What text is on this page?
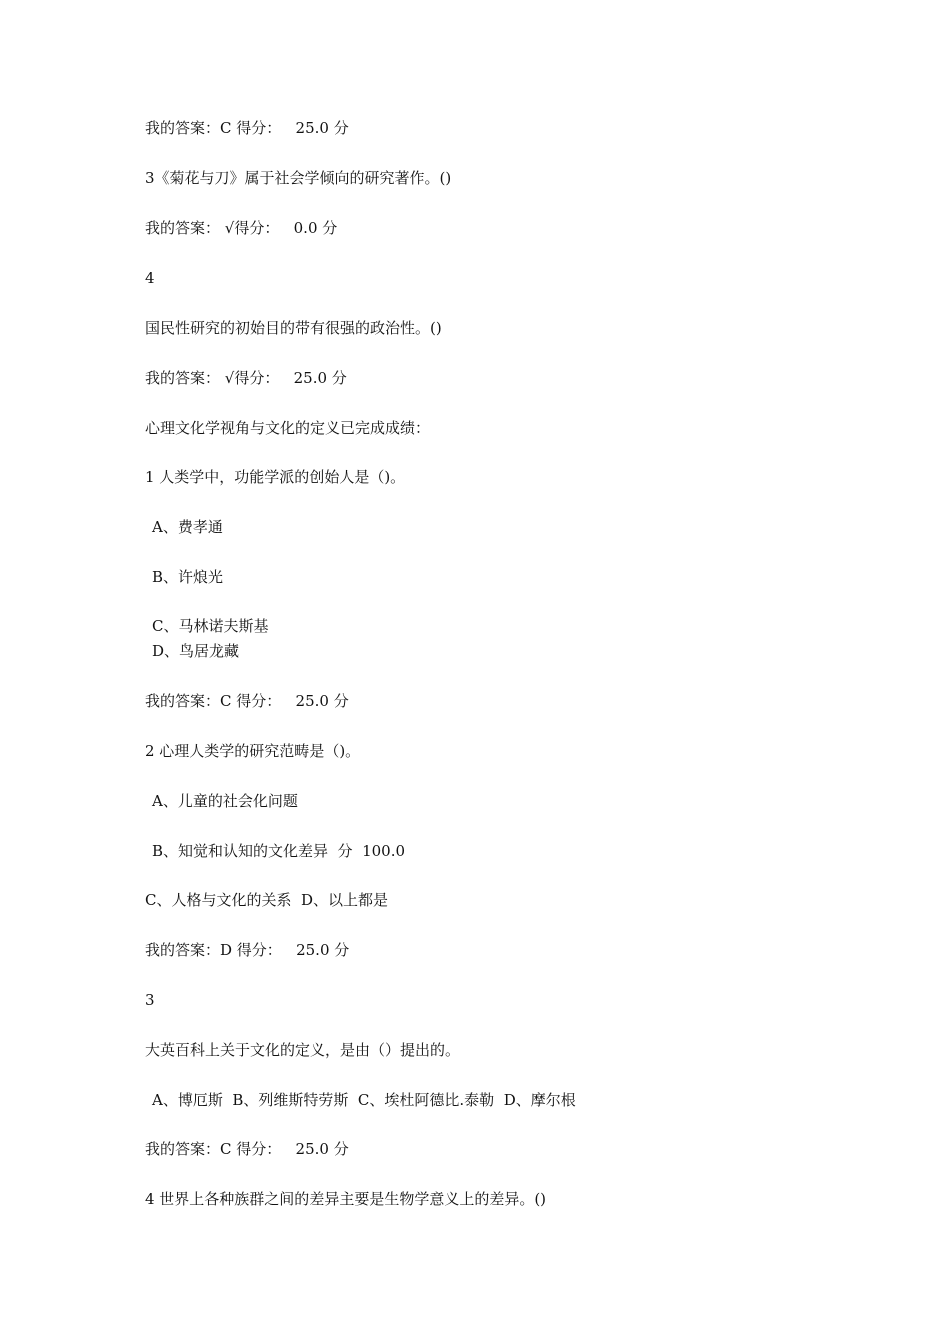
我的答案：C 得分：   25.0 分
3《菊花与刀》属于社会学倾向的研究著作。()
我的答案： √得分：   0.0 分
4
国民性研究的初始目的带有很强的政治性。()
我的答案： √得分：   25.0 分
心理文化学视角与文化的定义已完成成绩：
1 人类学中，功能学派的创始人是（)。
A、费孝通
B、许烺光
C、马林诺夫斯基
D、鸟居龙藏
我的答案：C 得分：   25.0 分
2 心理人类学的研究范畴是（)。
A、儿童的社会化问题
B、知觉和认知的文化差异  分  100.0
C、人格与文化的关系  D、以上都是
我的答案：D 得分：   25.0 分
3
大英百科上关于文化的定义，是由（）提出的。
A、博厄斯  B、列维斯特劳斯  C、埃杜阿德比.泰勒  D、摩尔根
我的答案：C 得分：   25.0 分
4 世界上各种族群之间的差异主要是生物学意义上的差异。()
